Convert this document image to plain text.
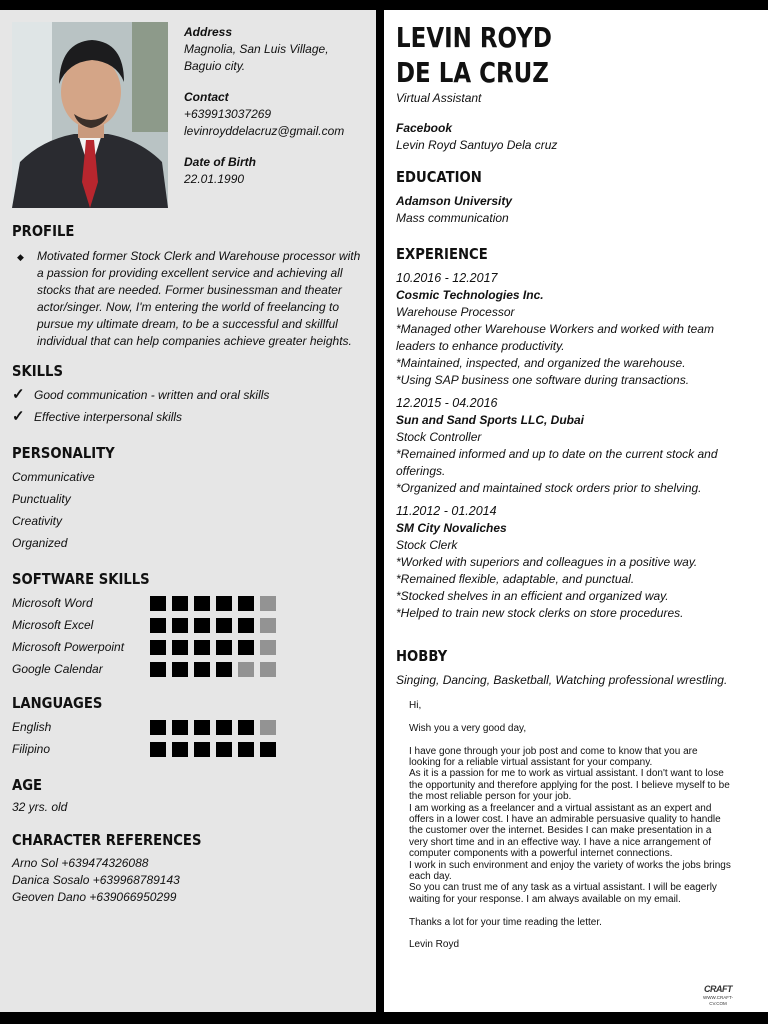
Address
Magnolia, San Luis Village,
Baguio city.
Contact
+639913037269
levinroyddelacruz@gmail.com
Date of Birth
22.01.1990
PROFILE
◆ Motivated former Stock Clerk and Warehouse processor with a passion for providing excellent service and achieving all stocks that are needed. Former businessman and theater actor/singer. Now, I'm entering the world of freelancing to pursue my ultimate dream, to be a successful and skillful individual that can help companies achieve greater heights.
SKILLS
✓ Good communication - written and oral skills
✓ Effective interpersonal skills
PERSONALITY
Communicative
Punctuality
Creativity
Organized
SOFTWARE SKILLS
Microsoft Word
Microsoft Excel
Microsoft Powerpoint
Google Calendar
LANGUAGES
English
Filipino
AGE
32 yrs. old
CHARACTER REFERENCES
Arno Sol +639474326088
Danica Sosalo +639968789143
Geoven Dano +639066950299
LEVIN ROYD
DE LA CRUZ
Virtual Assistant
Facebook
Levin Royd Santuyo Dela cruz
EDUCATION
Adamson University
Mass communication
EXPERIENCE
10.2016 - 12.2017
Cosmic Technologies Inc.
Warehouse Processor
*Managed other Warehouse Workers and worked with team leaders to enhance productivity.
*Maintained, inspected, and organized the warehouse.
*Using SAP business one software during transactions.
12.2015 - 04.2016
Sun and Sand Sports LLC, Dubai
Stock Controller
*Remained informed and up to date on the current stock and offerings.
*Organized and maintained stock orders prior to shelving.
11.2012 - 01.2014
SM City Novaliches
Stock Clerk
*Worked with superiors and colleagues in a positive way.
*Remained flexible, adaptable, and punctual.
*Stocked shelves in an efficient and organized way.
*Helped to train new stock clerks on store procedures.
HOBBY
Singing, Dancing, Basketball, Watching professional wrestling.

Hi,

Wish you a very good day,

I have gone through your job post and come to know that you are looking for a reliable virtual assistant for your company.

As it is a passion for me to work as virtual assistant. I don't want to lose the opportunity and therefore applying for the post. I believe myself to be the most reliable person for your job.

I am working as a freelancer and a virtual assistant as an expert and offers in a lower cost. I have an admirable persuasive quality to handle the customer over the internet. Besides I can make presentation in a very short time and in an effective way. I have a nice arrangement of computer components with a powerful internet connections.

I work in such environment and enjoy the variety of works the jobs brings each day.

So you can trust me of any task as a virtual assistant. I will be eagerly waiting for your response. I am always available on my email.

Thanks a lot for your time reading the letter.

Levin Royd

CRAFT
WWW.CRAFT-CV.COM
